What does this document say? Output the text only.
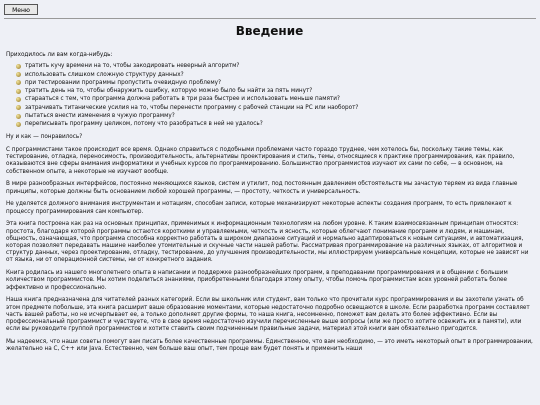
Меню
Введение

Приходилось ли вам когда-нибудь:

тратить кучу времени на то, чтобы закодировать неверный алгоритм?
использовать слишком сложную структуру данных?
при тестировании программы пропустить очевидную проблему?
тратить день на то, чтобы обнаружить ошибку, которую можно было бы найти за пять минут?
старааться с тем, что программа должна работать в три раза быстрее и использовать меньше памяти?
затрачивать титанические усилия на то, чтобы перенести программу с рабочей станции на PC или наоборот?
пытаться внести изменения в чужую программу?
переписывать программу целиком, потому что разобраться в ней не удалось?

Ну и как — понравилось?

С программистами такое происходит все время. Однако справиться с подобными проблемами часто гораздо труднее, чем хотелось бы, поскольку такие темы, как тестирование, отладка, переносимость, производительность, альтернативы проектирования и стиль, темы, относящиеся к практике программирования, как правило, оказываются вне сферы внимания информатики и учебных курсов по программированию. Большинство программистов изучают их сами по себе, — в основном, на собственном опыте, а некоторые не изучают вообще.

В мире разнообразных интерфейсов, постоянно меняющихся языков, систем и утилит, под постоянным давлением обстоятельств мы зачастую теряем из вида главные принципы, которые должны быть основанием любой хорошей программы, — простоту, четкость и универсальность.

Не уделяется должного внимания инструментам и нотациям, способам записи, которые механизируют некоторые аспекты создания программ, то есть привлекают к процессу программирования сам компьютер.

Эта книга построена как раз на основных принципах, применимых к информационным технологиям на любом уровне. К таким взаимосвязанным принципам относятся: простота, благодаря которой программы остаются короткими и управляемыми, четкость и ясность, которые облегчают понимание программ и людям, и машинам, общность, означающая, что программа способна корректно работать в широком диапазоне ситуаций и нормально адаптироваться к новым ситуациям, и автоматизация, которая позволяет передавать машине наиболее утомительные и скучные части нашей работы. Рассматривая программирование на различных языках, от алгоритмов и структур данных, через проектирование, отладку, тестирование, до улучшения производительности, мы иллюстрируем универсальные концепции, которые не зависят ни от языка, ни от операционной системы, ни от конкретного задания.

Книга родилась из нашего многолетнего опыта в написании и поддержке разнообразнейших программ, в преподавании программирования и в общении с большим количеством программистов. Мы хотим поделиться знаниями, приобретенными благодаря этому опыту, чтобы помочь программистам всех уровней работать более эффективно и профессионально.

Наша книга предназначена для читателей разных категорий. Если вы школьник или студент, вам только что прочитали курс программирования и вы захотели узнать об этом предмете побольше, эта книга расширит ваше образование моментами, которые недостаточно подробно освещаются в школе. Если разработка программ составляет часть вашей работы, но не исчерпывает ее, а только дополняет другие формы, то наша книга, несомненно, поможет вам делать это более эффективно. Если вы профессиональный программист и чувствуете, что в свое время недостаточно изучили перечисленные выше вопросы (или же просто хотите освежить их в памяти), или если вы руководите группой программистов и хотите ставить своим подчиненным правильные задачи, материал этой книги вам обязательно пригодится.

Мы надеемся, что наши советы помогут вам писать более качественные программы. Единственное, что вам необходимо, — это иметь некоторый опыт в программировании, желательно на C, C++ или Java. Естественно, чем больше ваш опыт, тем проще вам будет понять и применить наши
